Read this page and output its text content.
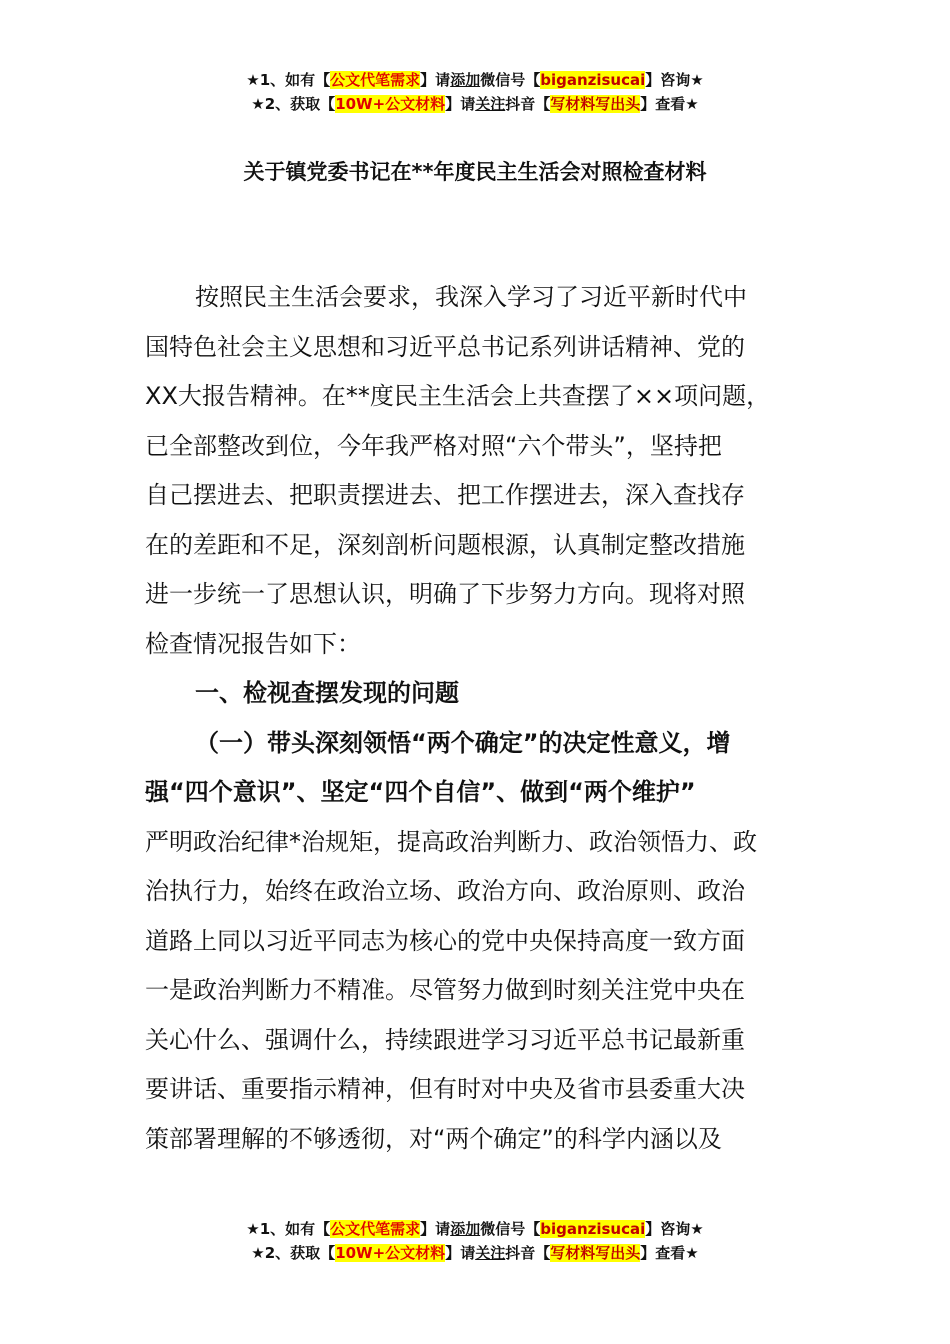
★1、如有【公文代笔需求】请添加微信号【biganzisucai】咨询★
★2、获取【10W+公文材料】请关注抖音【写材料写出头】查看★
关于镇党委书记在**年度民主生活会对照检查材料
按照民主生活会要求，我深入学习了习近平新时代中
国特色社会主义思想和习近平总书记系列讲话精神、党的
XX大报告精神。在**度民主生活会上共查摆了××项问题，
已全部整改到位，今年我严格对照“六个带头”，坚持把
自己摆进去、把职责摆进去、把工作摆进去，深入查找存
在的差距和不足，深刻剖析问题根源，认真制定整改措施
进一步统一了思想认识，明确了下步努力方向。现将对照
检查情况报告如下：
一、检视查摆发现的问题
（一）带头深刻领悟“两个确定”的决定性意义，增
强“四个意识”、坚定“四个自信”、做到“两个维护”
严明政治纪律*治规矩，提高政治判断力、政治领悟力、政
治执行力，始终在政治立场、政治方向、政治原则、政治
道路上同以习近平同志为核心的党中央保持高度一致方面
一是政治判断力不精准。尽管努力做到时刻关注党中央在
关心什么、强调什么，持续跟进学习习近平总书记最新重
要讲话、重要指示精神，但有时对中央及省市县委重大决
策部署理解的不够透彻，对“两个确定”的科学内涵以及
★1、如有【公文代笔需求】请添加微信号【biganzisucai】咨询★
★2、获取【10W+公文材料】请关注抖音【写材料写出头】查看★
